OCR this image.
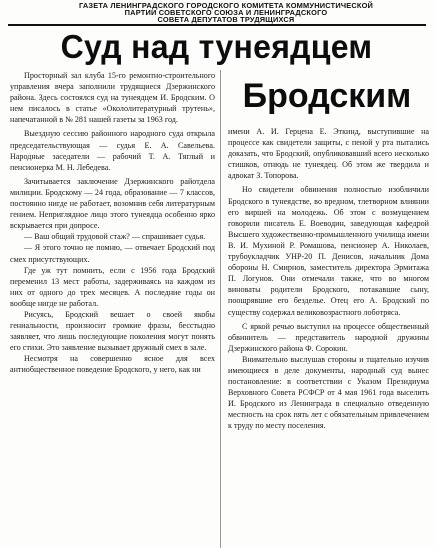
ГАЗЕТА ЛЕНИНГРАДСКОГО ГОРОДСКОГО КОМИТЕТА КОММУНИСТИЧЕСКОЙ
ПАРТИИ СОВЕТСКОГО СОЮЗА И ЛЕНИНГРАДСКОГО
СОВЕТА ДЕПУТАТОВ ТРУДЯЩИХСЯ
Суд над тунеядцем
Бродским

Просторный зал клуба 15-го ремонтно-строительного управления вчера заполнили трудящиеся Дзержинского района. Здесь состоялся суд на тунеядцем И. Бродским. О нем писалось в статье «Окололитературный трутень», напечатанной в № 281 нашей газеты за 1963 год.

Выездную сессию районного народного суда открыла председательствующая — судья Е. А. Савельева. Народные заседатели — рабочий Т. А. Тяглый и пенсионерка М. Н. Лебедева.

Зачитывается заключение Дзержинского райотдела милиции. Бродскому — 24 года, образование — 7 классов, постоянно нигде не работает, возомнив себя литературным гением. Неприглядное лицо этого тунеядца особенно ярко вскрывается при допросе.

— Ваш общий трудовой стаж? — спрашивает судья.

— Я этого точно не помню, — отвечает Бродский под смех присутствующих.

Где уж тут помнить, если с 1956 года Бродский переменил 13 мест работы, задерживаясь на каждом из них от одного до трех месяцев. А последние годы он вообще нигде не работал.

Рисуясь, Бродский вешает о своей якобы гениальности, произносит громкие фразы, бесстыдно заявляет, что лишь последующие поколения могут понять его стихи. Это заявление вызывает дружный смех в зале.

Несмотря на совершенно ясное для всех антиобщественное поведение Бродского, у него, как ни

имени А. И. Герцена Е. Эткинд, выступившие на процессе как свидетели защиты, с пеной у рта пытались доказать, что Бродский, опубликовавший всего несколько стишков, отнюдь не тунеядец. Об этом же твердила и адвокат З. Топорова.

Но свидетели обвинения полностью изобличили Бродского в тунеядстве, во вредном, тлетворном влиянии его виршей на молодежь. Об этом с возмущением говорили писатель Е. Воеводин, заведующая кафедрой Высшего художественно-промышленного училища имени В. И. Мухиной Р. Ромашова, пенсионер А. Николаев, трубоукладчик УНР-20 П. Денисов, начальник Дома обороны Н. Смирнов, заместитель директора Эрмитажа П. Логунов. Они отмечали также, что во многом виноваты родители Бродского, потакавшие сыну, поощрявшие его безделье. Отец его А. Бродский по существу содержал великовозрастного лоботряса.

С яркой речью выступил на процессе общественный обвинитель — представитель народной дружины Дзержинского района Ф. Сорокин.

Внимательно выслушав стороны и тщательно изучив имеющиеся в деле документы, народный суд вынес постановление: в соответствии с Указом Президиума Верховного Совета РСФСР от 4 мая 1961 года выселить И. Бродского из Ленинграда в специально отведенную местность на срок пять лет с обязательным привлечением к труду по месту поселения.
